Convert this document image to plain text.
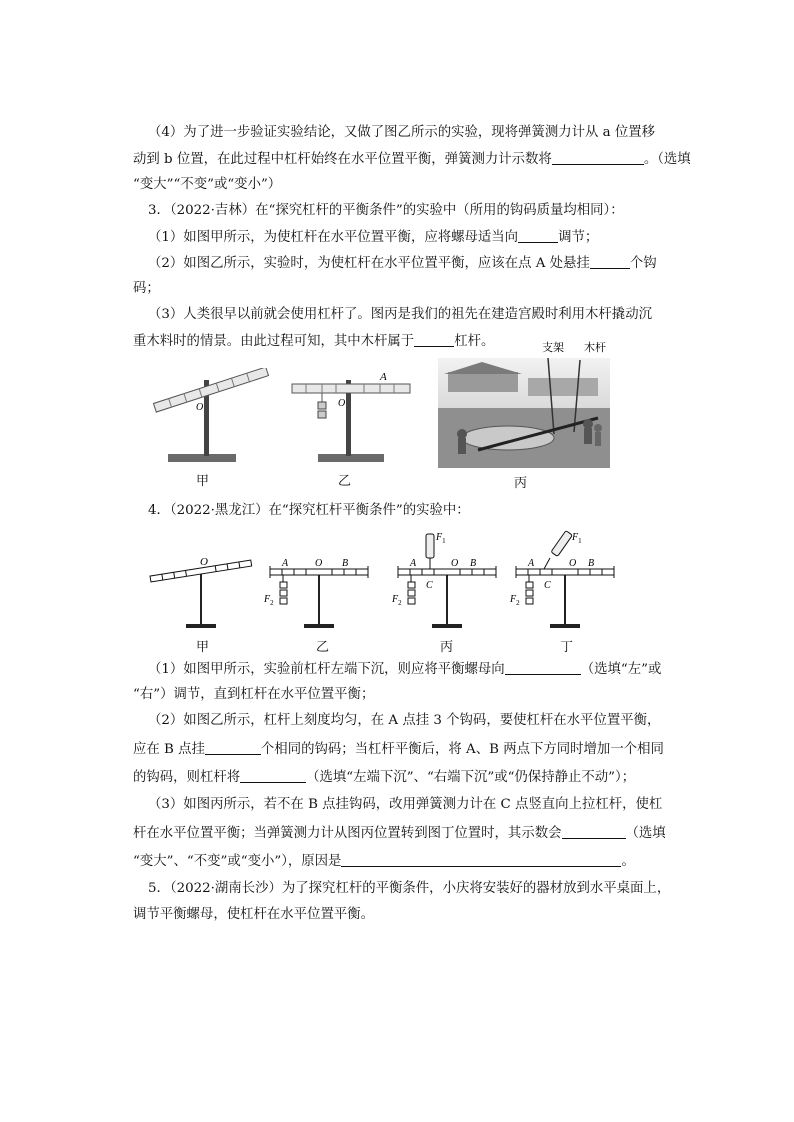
（4）为了进一步验证实验结论，又做了图乙所示的实验，现将弹簧测力计从 a 位置移
动到 b 位置，在此过程中杠杆始终在水平位置平衡，弹簧测力计示数将	。（选填
“变大”“不变”或“变小”）
3．（2022·吉林）在“探究杠杆的平衡条件”的实验中（所用的钩码质量均相同）：
（1）如图甲所示，为使杠杆在水平位置平衡，应将螺母适当向	调节；
（2）如图乙所示，实验时，为使杠杆在水平位置平衡，应该在点 A 处悬挂	个钩
码；
（3）人类很早以前就会使用杠杆了。图丙是我们的祖先在建造宫殿时利用木杆撬动沉
重木料时的情景。由此过程可知，其中木杆属于	杠杆。
O
甲
O
A
乙
支架 木杆
丙
4．（2022·黑龙江）在“探究杠杆平衡条件”的实验中：
O	A	O B
$F_2$
A	O B
C
$F_1$
$F_2$
A	O B
C
$F_1$
$F_2$
甲	乙	丙	丁
（1）如图甲所示，实验前杠杆左端下沉，则应将平衡螺母向	（选填“左”或
“右”）调节，直到杠杆在水平位置平衡；
（2）如图乙所示，杠杆上刻度均匀，在 A 点挂 3 个钩码，要使杠杆在水平位置平衡，
应在 B 点挂	个相同的钩码；当杠杆平衡后，将 A、B 两点下方同时增加一个相同
的钩码，则杠杆将	（选填“左端下沉”、“右端下沉”或“仍保持静止不动”）；
（3）如图丙所示，若不在 B 点挂钩码，改用弹簧测力计在 C 点竖直向上拉杠杆，使杠
杆在水平位置平衡；当弹簧测力计从图丙位置转到图丁位置时，其示数会	（选填
“变大”、“不变”或“变小”），原因是	。
5．（2022·湖南长沙）为了探究杠杆的平衡条件，小庆将安装好的器材放到水平桌面上，
调节平衡螺母，使杠杆在水平位置平衡。
